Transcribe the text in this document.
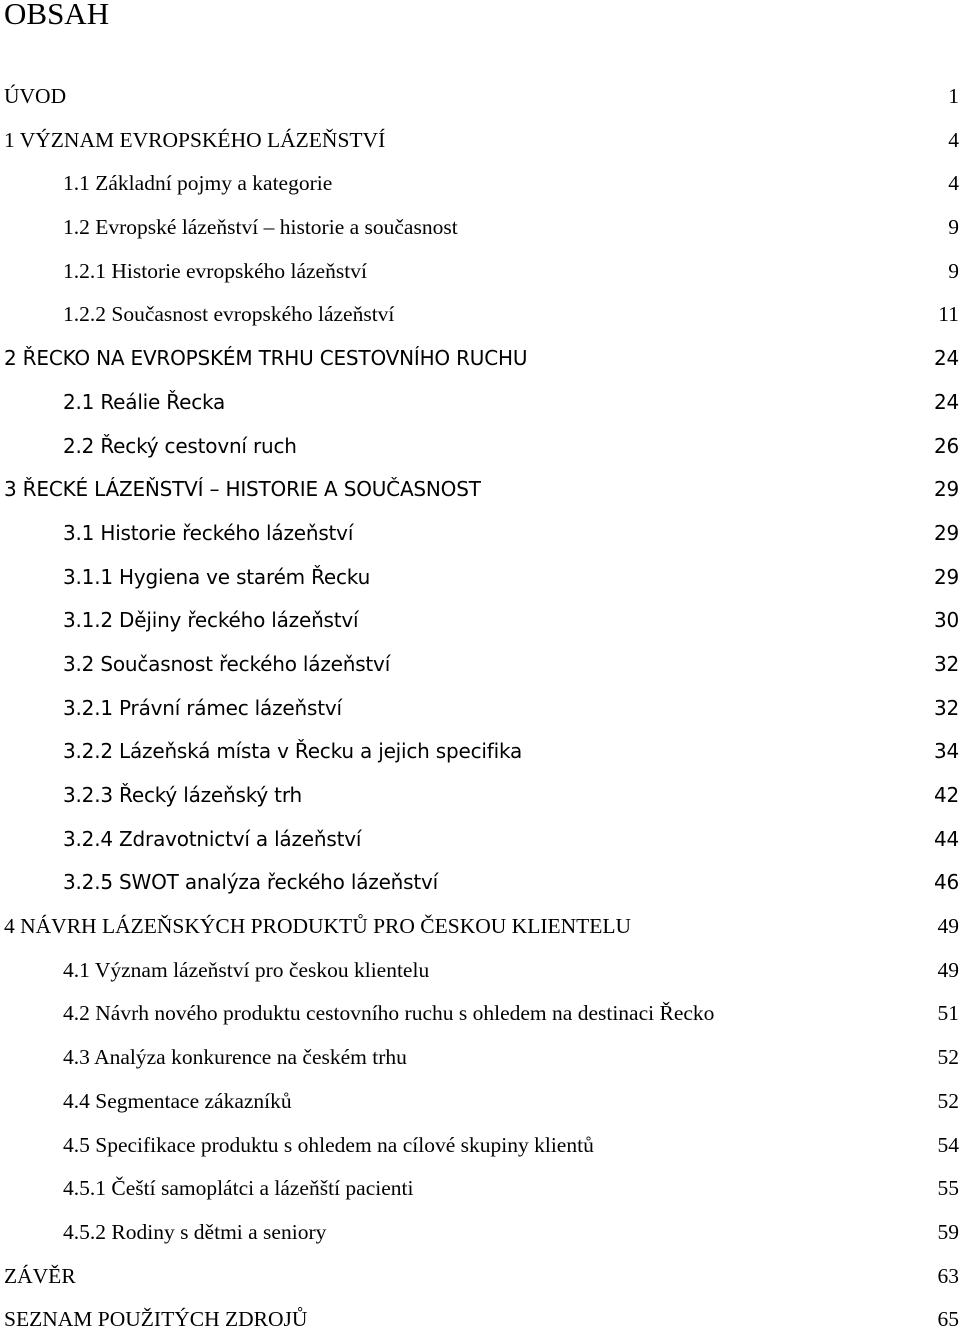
OBSAH
ÚVOD .....	1
1 VÝZNAM EVROPSKÉHO LÁZEŇSTVÍ .....	4
1.1 Základní pojmy a kategorie .....	4
1.2 Evropské lázeňství – historie a současnost .....	9
1.2.1 Historie evropského lázeňství .....	9
1.2.2 Současnost evropského lázeňství .....	11
2 ŘECKO NA EVROPSKÉM TRHU CESTOVNÍHO RUCHU .....	24
2.1 Reálie Řecka .....	24
2.2 Řecký cestovní ruch .....	26
3 ŘECKÉ LÁZEŇSTVÍ – HISTORIE A SOUČASNOST .....	29
3.1 Historie řeckého lázeňství .....	29
3.1.1 Hygiena ve starém Řecku .....	29
3.1.2 Dějiny řeckého lázeňství .....	30
3.2 Současnost řeckého lázeňství .....	32
3.2.1 Právní rámec lázeňství .....	32
3.2.2 Lázeňská místa v Řecku a jejich specifika .....	34
3.2.3 Řecký lázeňský trh .....	42
3.2.4 Zdravotnictví a lázeňství .....	44
3.2.5 SWOT analýza řeckého lázeňství .....	46
4 NÁVRH LÁZEŇSKÝCH PRODUKTŮ PRO ČESKOU KLIENTELU .....	49
4.1 Význam lázeňství pro českou klientelu .....	49
4.2 Návrh nového produktu cestovního ruchu s ohledem na destinaci Řecko .....	51
4.3 Analýza konkurence na českém trhu .....	52
4.4 Segmentace zákazníků .....	52
4.5 Specifikace produktu s ohledem na cílové skupiny klientů .....	54
4.5.1 Čeští samoplátci a lázeňští pacienti .....	55
4.5.2 Rodiny s dětmi a seniory .....	59
ZÁVĚR .....	63
SEZNAM POUŽITÝCH ZDROJŮ .....	65
